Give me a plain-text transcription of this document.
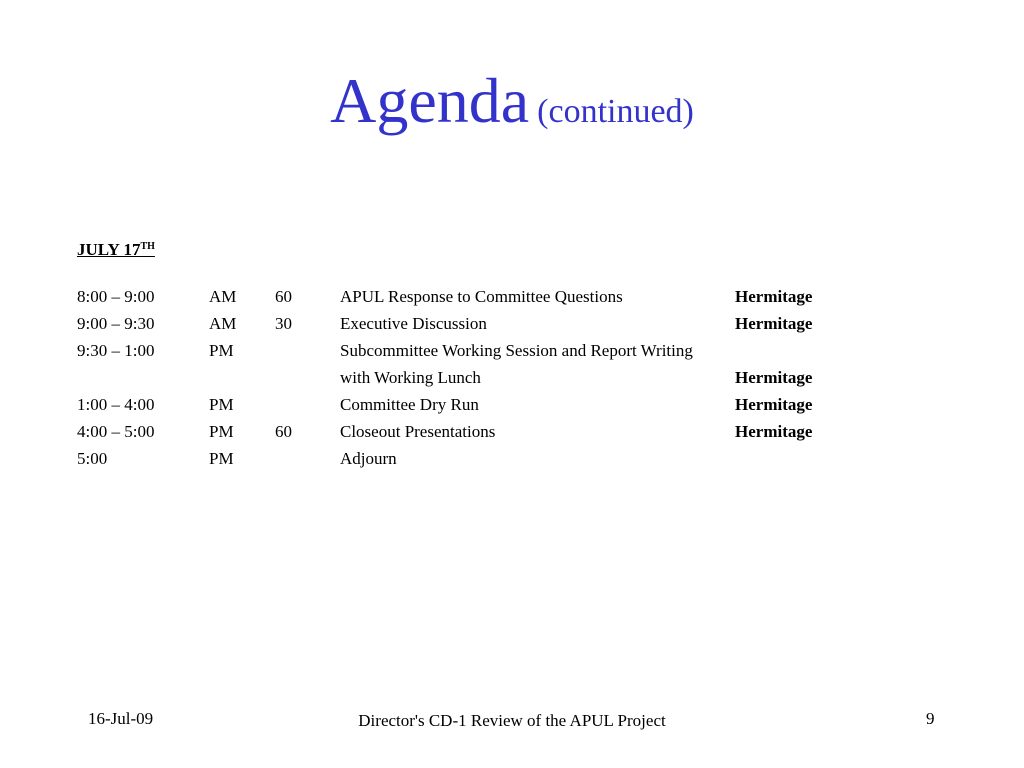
Agenda (continued)
JULY 17TH
8:00 – 9:00	AM 60	APUL Response to Committee Questions	Hermitage
9:00 – 9:30	AM 30	Executive Discussion	Hermitage
9:30 – 1:00	PM	Subcommittee Working Session and Report Writing
with Working Lunch	Hermitage
1:00 – 4:00	PM	Committee Dry Run	Hermitage
4:00 – 5:00	PM 60	Closeout Presentations	Hermitage
5:00	PM	Adjourn
16-Jul-09	Director's CD-1 Review of the APUL Project	9
